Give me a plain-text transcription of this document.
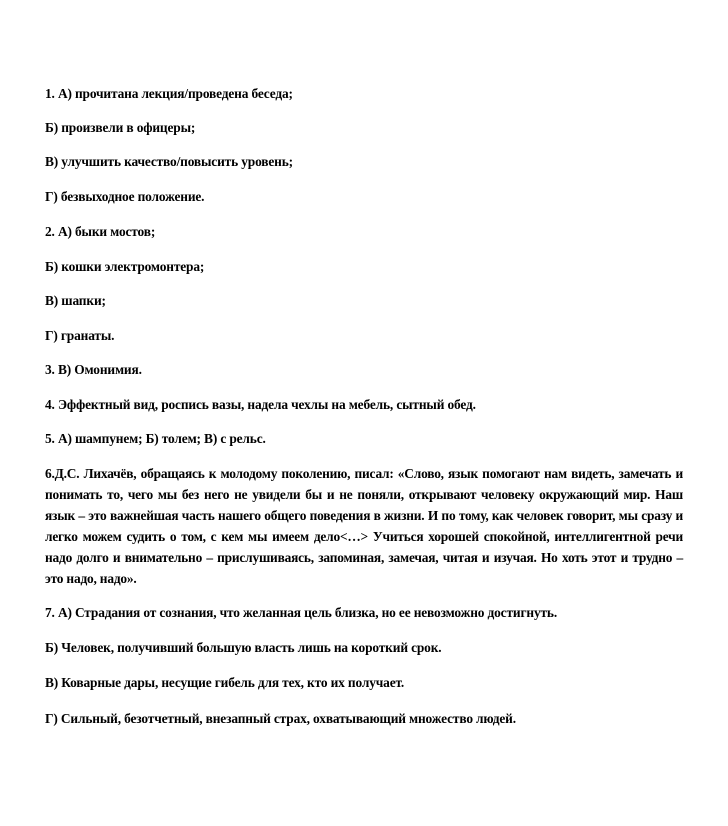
1. А) прочитана лекция/проведена беседа;
Б) произвели в офицеры;
В) улучшить качество/повысить уровень;
Г) безвыходное положение.
2. А) быки мостов;
Б) кошки электромонтера;
В) шапки;
Г) гранаты.
3. В) Омонимия.
4. Эффектный вид, роспись вазы, надела чехлы на мебель, сытный обед.
5. А) шампунем; Б) толем; В) с рельс.
6.Д.С. Лихачёв, обращаясь к молодому поколению, писал: «Слово, язык помогают нам видеть, замечать и понимать то, чего мы без него не увидели бы и не поняли, открывают человеку окружающий мир. Наш язык – это важнейшая часть нашего общего поведения в жизни. И по тому, как человек говорит, мы сразу и легко можем судить о том, с кем мы имеем дело<…> Учиться хорошей спокойной, интеллигентной речи надо долго и внимательно – прислушиваясь, запоминая, замечая, читая и изучая. Но хоть этот и трудно – это надо, надо».
7. А) Страдания от сознания, что желанная цель близка, но ее невозможно достигнуть.
Б) Человек, получивший большую власть лишь на короткий срок.
В) Коварные дары, несущие гибель для тех, кто их получает.
Г) Сильный, безотчетный, внезапный страх, охватывающий множество людей.
